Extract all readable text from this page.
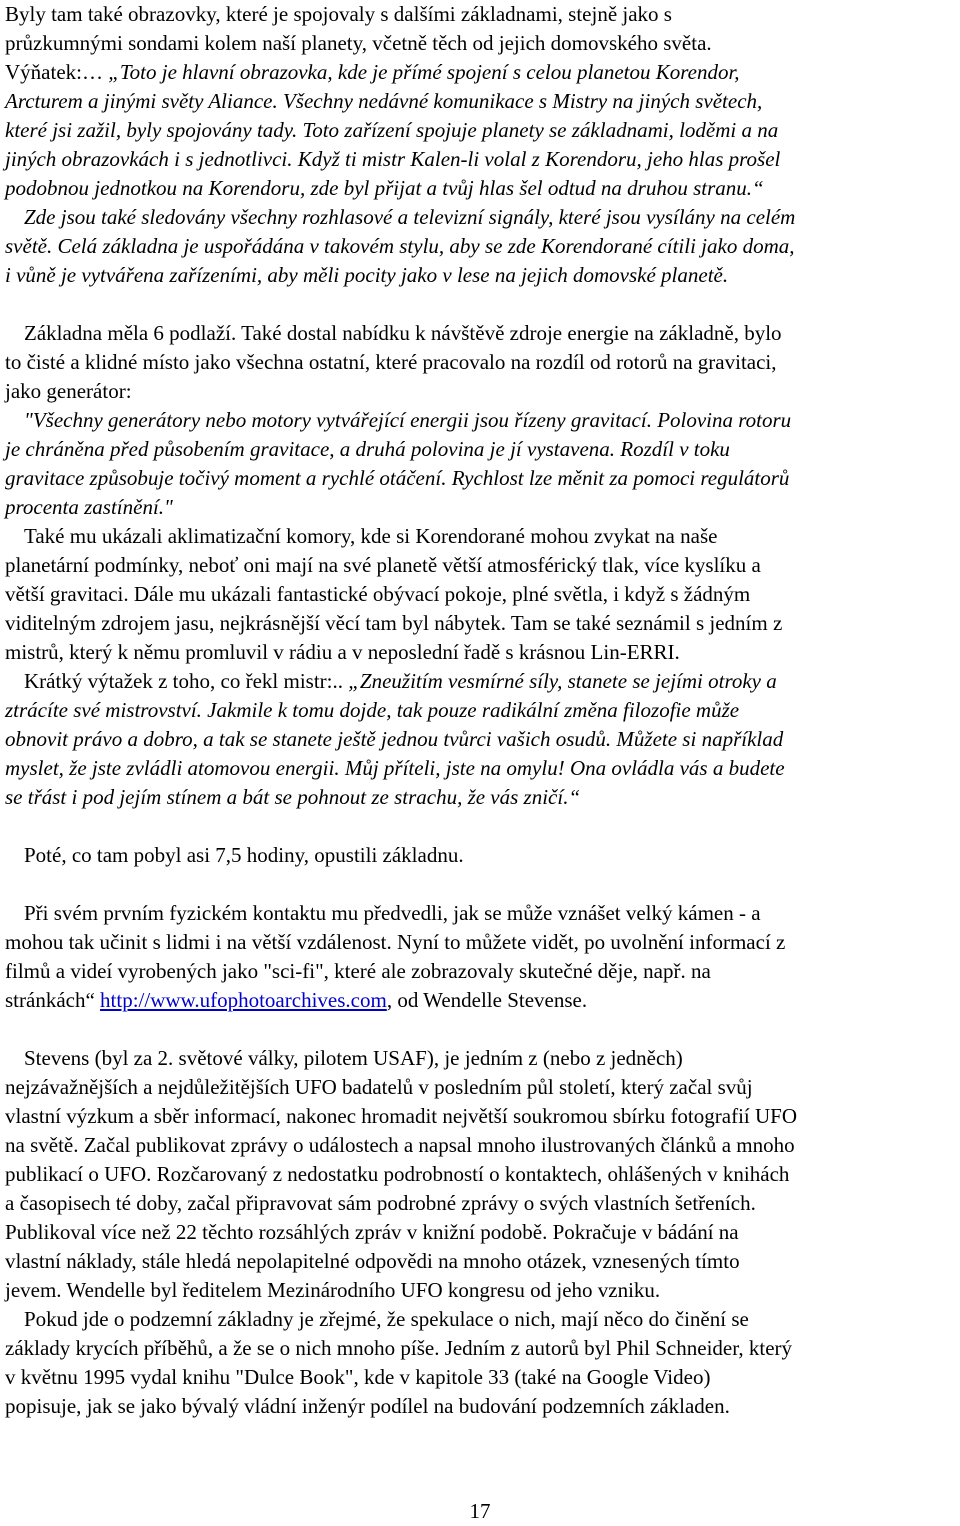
Byly tam také obrazovky, které je spojovaly s dalšími základnami, stejně jako s
průzkumnými sondami kolem naší planety, včetně těch od jejich domovského světa.
Výňatek:… „Toto je hlavní obrazovka, kde je přímé spojení s celou planetou Korendor,
Arcturem a jinými světy Aliance. Všechny nedávné komunikace s Mistry na jiných světech,
které jsi zažil, byly spojovány tady. Toto zařízení spojuje planety se základnami, loděmi a na
jiných obrazovkách i s jednotlivci. Když ti mistr Kalen-li volal z Korendoru, jeho hlas prošel
podobnou jednotkou na Korendoru, zde byl přijat a tvůj hlas šel odtud na druhou stranu.“
Zde jsou také sledovány všechny rozhlasové a televizní signály, které jsou vysílány na celém
světě. Celá základna je uspořádána v takovém stylu, aby se zde Korendorané cítili jako doma,
i vůně je vytvářena zařízeními, aby měli pocity jako v lese na jejich domovské planetě.
Základna měla 6 podlaží. Také dostal nabídku k návštěvě zdroje energie na základně, bylo
to čisté a klidné místo jako všechna ostatní, které pracovalo na rozdíl od rotorů na gravitaci,
jako generátor:
"Všechny generátory nebo motory vytvářející energii jsou řízeny gravitací. Polovina rotoru
je chráněna před působením gravitace, a druhá polovina je jí vystavena. Rozdíl v toku
gravitace způsobuje točivý moment a rychlé otáčení. Rychlost lze měnit za pomoci regulátorů
procenta zastínění."
Také mu ukázali aklimatizační komory, kde si Korendorané mohou zvykat na naše
planetární podmínky, neboť oni mají na své planetě větší atmosférický tlak, více kyslíku a
větší gravitaci. Dále mu ukázali fantastické obývací pokoje, plné světla, i když s žádným
viditelným zdrojem jasu, nejkrásnější věcí tam byl nábytek. Tam se také seznámil s jedním z
mistrů, který k němu promluvil v rádiu a v neposlední řadě s krásnou Lin-ERRI.
Krátký výtažek z toho, co řekl mistr:.. „Zneužitím vesmírné síly, stanete se jejími otroky a
ztrácíte své mistrovství. Jakmile k tomu dojde, tak pouze radikální změna filozofie může
obnovit právo a dobro, a tak se stanete ještě jednou tvůrci vašich osudů. Můžete si například
myslet, že jste zvládli atomovou energii. Můj příteli, jste na omylu! Ona ovládla vás a budete
se třást i pod jejím stínem a bát se pohnout ze strachu, že vás zničí.“
Poté, co tam pobyl asi 7,5 hodiny, opustili základnu.
Při svém prvním fyzickém kontaktu mu předvedli, jak se může vznášet velký kámen - a
mohou tak učinit s lidmi i na větší vzdálenost. Nyní to můžete vidět, po uvolnění informací z
filmů a videí vyrobených jako "sci-fi", které ale zobrazovaly skutečné děje, např. na
stránkách“ http://www.ufophotoarchives.com, od Wendelle Stevense.
Stevens (byl za 2. světové války, pilotem USAF), je jedním z (nebo z jedněch)
nejzávažnějších a nejdůležitějších UFO badatelů v posledním půl století, který začal svůj
vlastní výzkum a sběr informací, nakonec hromadit největší soukromou sbírku fotografií UFO
na světě. Začal publikovat zprávy o událostech a napsal mnoho ilustrovaných článků a mnoho
publikací o UFO. Rozčarovaný z nedostatku podrobností o kontaktech, ohlášených v knihách
a časopisech té doby, začal připravovat sám podrobné zprávy o svých vlastních šetřeních.
Publikoval více než 22 těchto rozsáhlých zpráv v knižní podobě. Pokračuje v bádání na
vlastní náklady, stále hledá nepolapitelné odpovědi na mnoho otázek, vznesených tímto
jevem. Wendelle byl ředitelem Mezinárodního UFO kongresu od jeho vzniku.
Pokud jde o podzemní základny je zřejmé, že spekulace o nich, mají něco do činění se
základy krycích příběhů, a že se o nich mnoho píše. Jedním z autorů byl Phil Schneider, který
v květnu 1995 vydal knihu "Dulce Book", kde v kapitole 33 (také na Google Video)
popisuje, jak se jako bývalý vládní inženýr podílel na budování podzemních základen.
17
